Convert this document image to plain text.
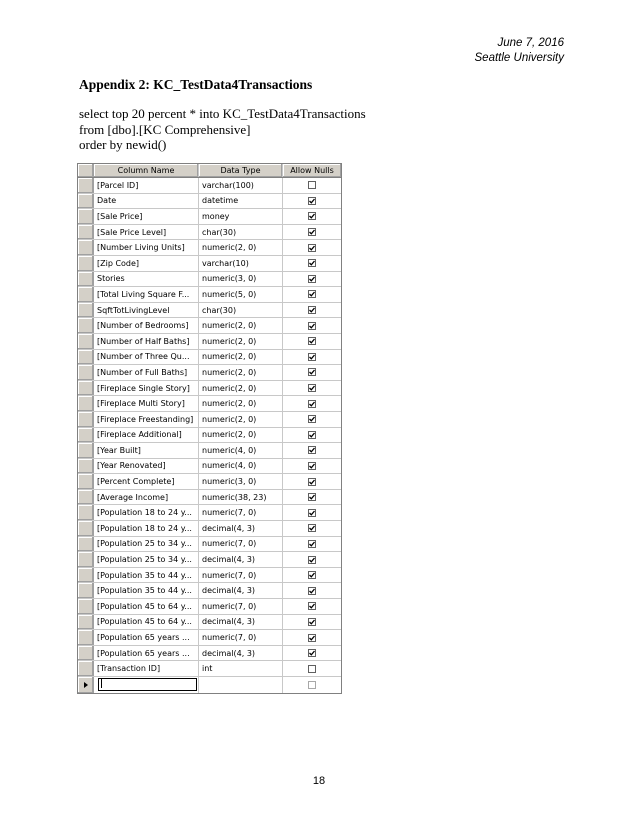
June 7, 2016
Seattle University
Appendix 2: KC_TestData4Transactions
select top 20 percent * into KC_TestData4Transactions
from [dbo].[KC Comprehensive]
order by newid()
Column Name	Data Type	Allow Nulls
[Parcel ID]	varchar(100)
Date	datetime
[Sale Price]	money
[Sale Price Level]	char(30)
[Number Living Units] numeric(2, 0)
[Zip Code]	varchar(10)
Stories	numeric(3, 0)
[Total Living Square F... numeric(5, 0)
SqftTotLivingLevel	char(30)
[Number of Bedrooms] numeric(2, 0)
[Number of Half Baths] numeric(2, 0)
[Number of Three Qu... numeric(2, 0)
[Number of Full Baths] numeric(2, 0)
[Fireplace Single Story] numeric(2, 0)
[Fireplace Multi Story] numeric(2, 0)
[Fireplace Freestanding] numeric(2, 0)
[Fireplace Additional]	numeric(2, 0)
[Year Built]	numeric(4, 0)
[Year Renovated]	numeric(4, 0)
[Percent Complete]	numeric(3, 0)
[Average Income]	numeric(38, 23)
[Population 18 to 24 y... numeric(7, 0)
[Population 18 to 24 y... decimal(4, 3)
[Population 25 to 34 y... numeric(7, 0)
[Population 25 to 34 y... decimal(4, 3)
[Population 35 to 44 y... numeric(7, 0)
[Population 35 to 44 y... decimal(4, 3)
[Population 45 to 64 y... numeric(7, 0)
[Population 45 to 64 y... decimal(4, 3)
[Population 65 years ... numeric(7, 0)
[Population 65 years ... decimal(4, 3)
[Transaction ID]	int
18
